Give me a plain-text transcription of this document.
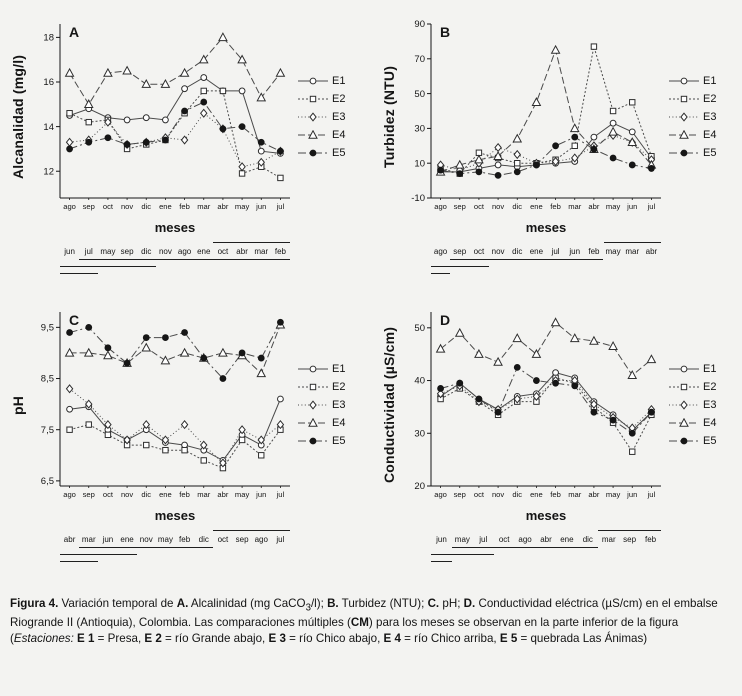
Alcanalidad (mg/l) 12
14
16
18
ago sep oct nov dic ene feb mar abr may jun jul
A
meses
jun jul may sep dic nov ago ene oct abr mar feb
E1
E2
E3
E4
E5	Turbidez (NTU)
-10
10
30
50
70
90
ago sep oct nov dic ene feb mar abr may jun jul
B
meses
ago sep oct nov dic ene jul jun feb may mar abr
E1
E2
E3
E4
E5
pH
6,5
7,5
8,5
9,5
ago sep oct nov dic ene feb mar abr may jun jul
C
meses
abr mar jun ene nov may feb dic oct sep ago jul
E1
E2
E3
E4
E5	Conductividad (µS/cm)
20
30
40
50
ago sep oct nov dic ene feb mar abr may jun jul
D
meses
jun may jul oct ago abr ene dic mar sep feb
E1
E2
E3
E4
E5
Figura 4. Variación temporal de A. Alcalinidad (mg CaCO$_3$/l); B. Turbidez (NTU); C. pH; D. Conductividad eléctrica (µS/cm) en el embalse Riogrande II (Antioquia), Colombia. Las comparaciones múltiples (CM) para los meses se observan en la parte inferior de la figura (Estaciones: E 1 = Presa, E 2 = río Grande abajo, E 3 = río Chico abajo, E 4 = río Chico arriba, E 5 = quebrada Las Ánimas)
